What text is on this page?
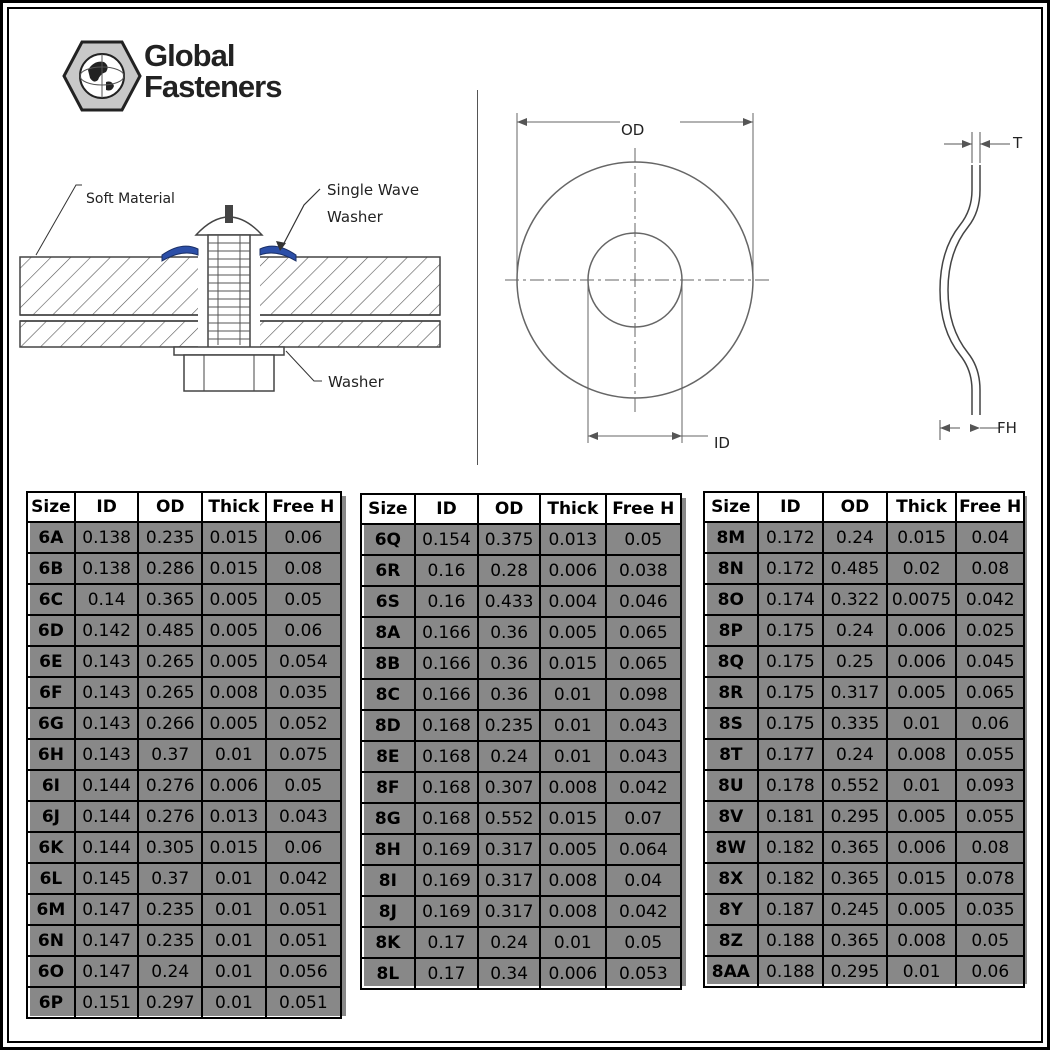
Global
Fasteners
Soft Material	Single Wave
Washer
Washer
OD
ID
T
FH
Size	ID	OD	Thick	Free H
6A	0.138	0.235	0.015	0.06
6B	0.138	0.286	0.015	0.08
6C	0.14	0.365	0.005	0.05
6D	0.142	0.485	0.005	0.06
6E	0.143	0.265	0.005	0.054
6F	0.143	0.265	0.008	0.035
6G	0.143	0.266	0.005	0.052
6H	0.143	0.37	0.01	0.075
6I	0.144	0.276	0.006	0.05
6J	0.144	0.276	0.013	0.043
6K	0.144	0.305	0.015	0.06
6L	0.145	0.37	0.01	0.042
6M	0.147	0.235	0.01	0.051
6N	0.147	0.235	0.01	0.051
6O	0.147	0.24	0.01	0.056
6P	0.151	0.297	0.01	0.051
Size	ID	OD	Thick	Free H
6Q	0.154	0.375	0.013	0.05
6R	0.16	0.28	0.006	0.038
6S	0.16	0.433	0.004	0.046
8A	0.166	0.36	0.005	0.065
8B	0.166	0.36	0.015	0.065
8C	0.166	0.36	0.01	0.098
8D	0.168	0.235	0.01	0.043
8E	0.168	0.24	0.01	0.043
8F	0.168	0.307	0.008	0.042
8G	0.168	0.552	0.015	0.07
8H	0.169	0.317	0.005	0.064
8I	0.169	0.317	0.008	0.04
8J	0.169	0.317	0.008	0.042
8K	0.17	0.24	0.01	0.05
8L	0.17	0.34	0.006	0.053
Size	ID	OD	Thick	Free H
8M	0.172	0.24	0.015	0.04
8N	0.172	0.485	0.02	0.08
8O	0.174	0.322	0.0075	0.042
8P	0.175	0.24	0.006	0.025
8Q	0.175	0.25	0.006	0.045
8R	0.175	0.317	0.005	0.065
8S	0.175	0.335	0.01	0.06
8T	0.177	0.24	0.008	0.055
8U	0.178	0.552	0.01	0.093
8V	0.181	0.295	0.005	0.055
8W	0.182	0.365	0.006	0.08
8X	0.182	0.365	0.015	0.078
8Y	0.187	0.245	0.005	0.035
8Z	0.188	0.365	0.008	0.05
8AA	0.188	0.295	0.01	0.06
